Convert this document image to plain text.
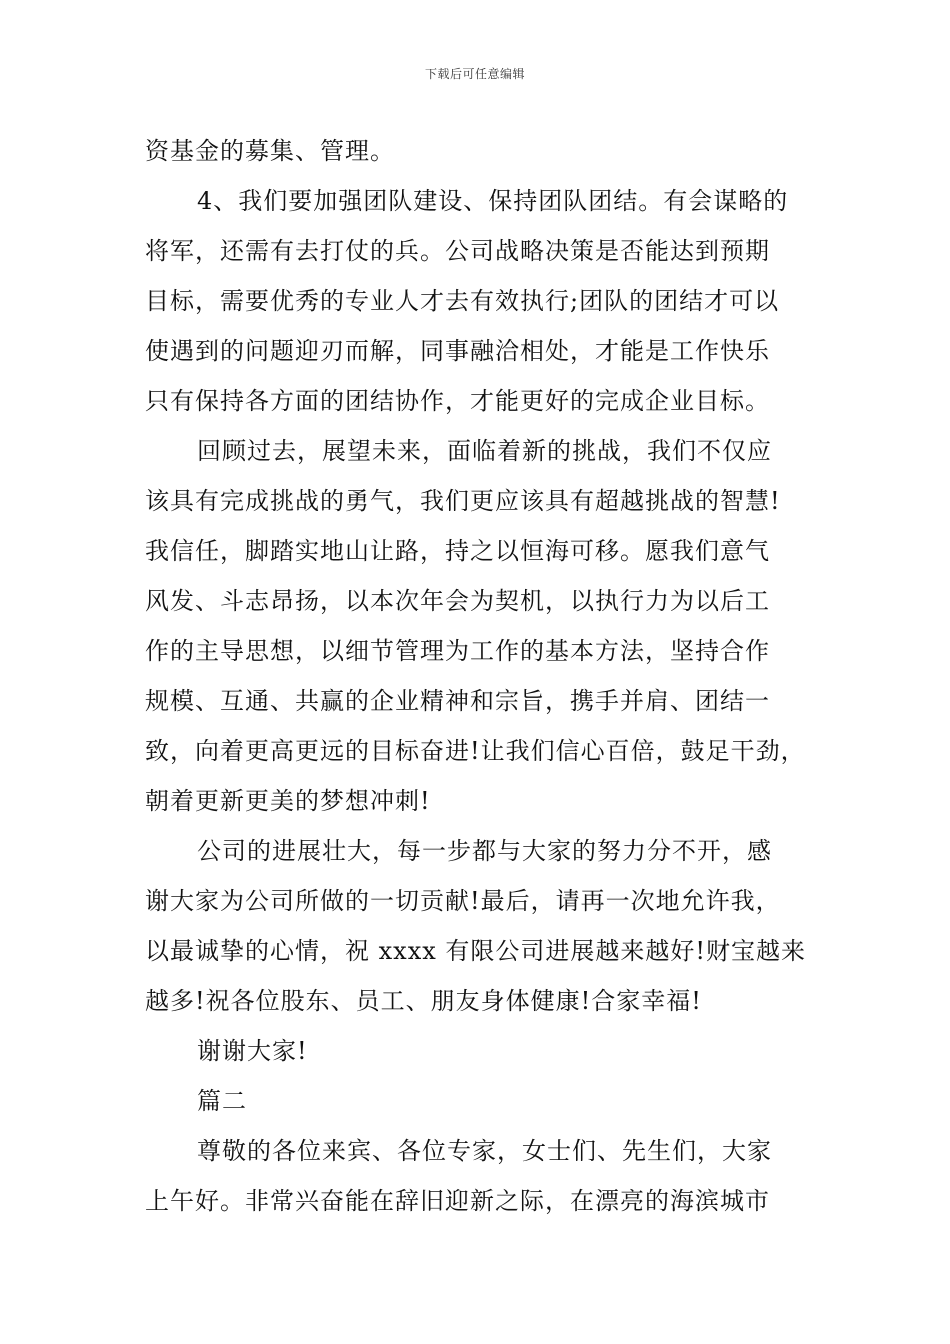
下载后可任意编辑

资基金的募集、管理。

4、我们要加强团队建设、保持团队团结。有会谋略的

将军，还需有去打仗的兵。公司战略决策是否能达到预期

目标，需要优秀的专业人才去有效执行;团队的团结才可以

使遇到的问题迎刃而解，同事融洽相处，才能是工作快乐

只有保持各方面的团结协作，才能更好的完成企业目标。

回顾过去，展望未来，面临着新的挑战，我们不仅应

该具有完成挑战的勇气，我们更应该具有超越挑战的智慧!

我信任，脚踏实地山让路，持之以恒海可移。愿我们意气

风发、斗志昂扬，以本次年会为契机，以执行力为以后工

作的主导思想，以细节管理为工作的基本方法，坚持合作

规模、互通、共赢的企业精神和宗旨，携手并肩、团结一

致，向着更高更远的目标奋进!让我们信心百倍，鼓足干劲，

朝着更新更美的梦想冲刺!

公司的进展壮大，每一步都与大家的努力分不开，感

谢大家为公司所做的一切贡献!最后，请再一次地允许我，

以最诚挚的心情，祝 xxxx 有限公司进展越来越好!财宝越来

越多!祝各位股东、员工、朋友身体健康!合家幸福!

谢谢大家!

篇二

尊敬的各位来宾、各位专家，女士们、先生们，大家

上午好。非常兴奋能在辞旧迎新之际，在漂亮的海滨城市
